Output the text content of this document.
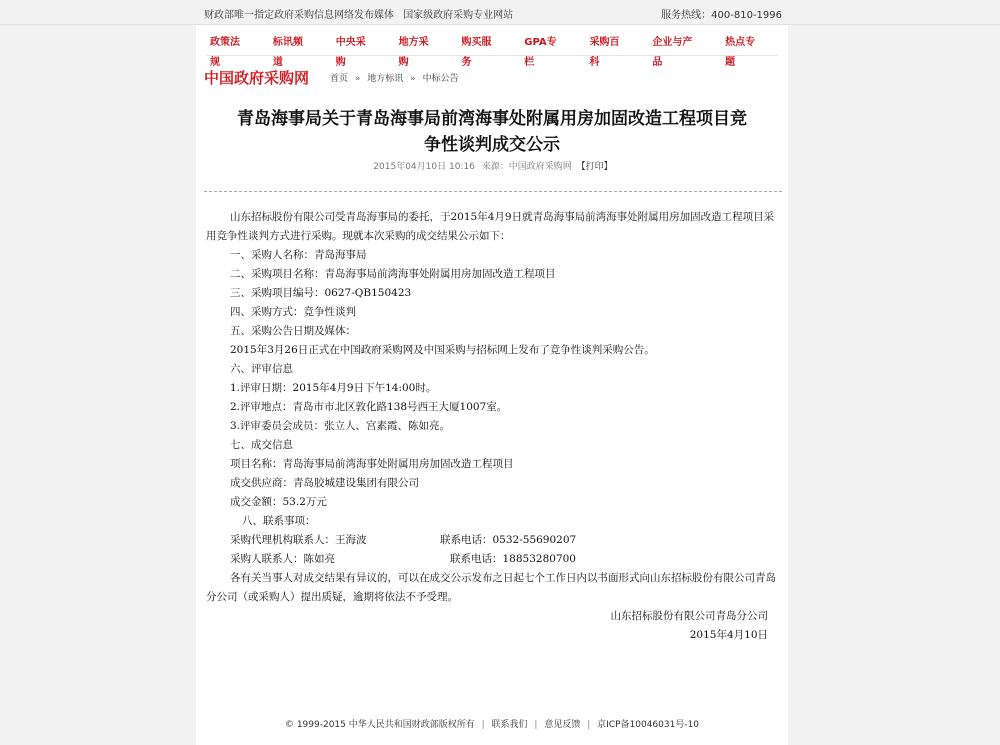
财政部唯一指定政府采购信息网络发布媒体 国家级政府采购专业网站	服务热线：400-810-1996
政策法规
标讯频道
中央采购
地方采购
购买服务
GPA专栏
采购百科
企业与产品
热点专题
中国政府采购网 首页 » 地方标讯 » 中标公告
青岛海事局关于青岛海事局前湾海事处附属用房加固改造工程项目竞
争性谈判成交公示
2015年04月10日 10:16 来源：中国政府采购网 【打印】

山东招标股份有限公司受青岛海事局的委托，于2015年4月9日就青岛海事局前湾海事处附属用房加固改造工程项目采用竞争性谈判方式进行采购。现就本次采购的成交结果公示如下：

一、采购人名称：青岛海事局

二、采购项目名称：青岛海事局前湾海事处附属用房加固改造工程项目

三、采购项目编号：0627-QB150423

四、采购方式：竞争性谈判

五、采购公告日期及媒体：

2015年3月26日正式在中国政府采购网及中国采购与招标网上发布了竞争性谈判采购公告。

六、评审信息

1.评审日期：2015年4月9日下午14:00时。

2.评审地点：青岛市市北区敦化路138号西王大厦1007室。

3.评审委员会成员：张立人、宫素霞、陈如亮。

七、成交信息

项目名称：青岛海事局前湾海事处附属用房加固改造工程项目

成交供应商：青岛胶城建设集团有限公司

成交金额：53.2万元

八、联系事项：

采购代理机构联系人：王海波	联系电话：0532-55690207

采购人联系人：陈如亮	联系电话：18853280700

各有关当事人对成交结果有异议的，可以在成交公示发布之日起七个工作日内以书面形式向山东招标股份有限公司青岛分公司（或采购人）提出质疑，逾期将依法不予受理。

山东招标股份有限公司青岛分公司

2015年4月10日

© 1999-2015 中华人民共和国财政部版权所有 | 联系我们 | 意见反馈 | 京ICP备10046031号-10
